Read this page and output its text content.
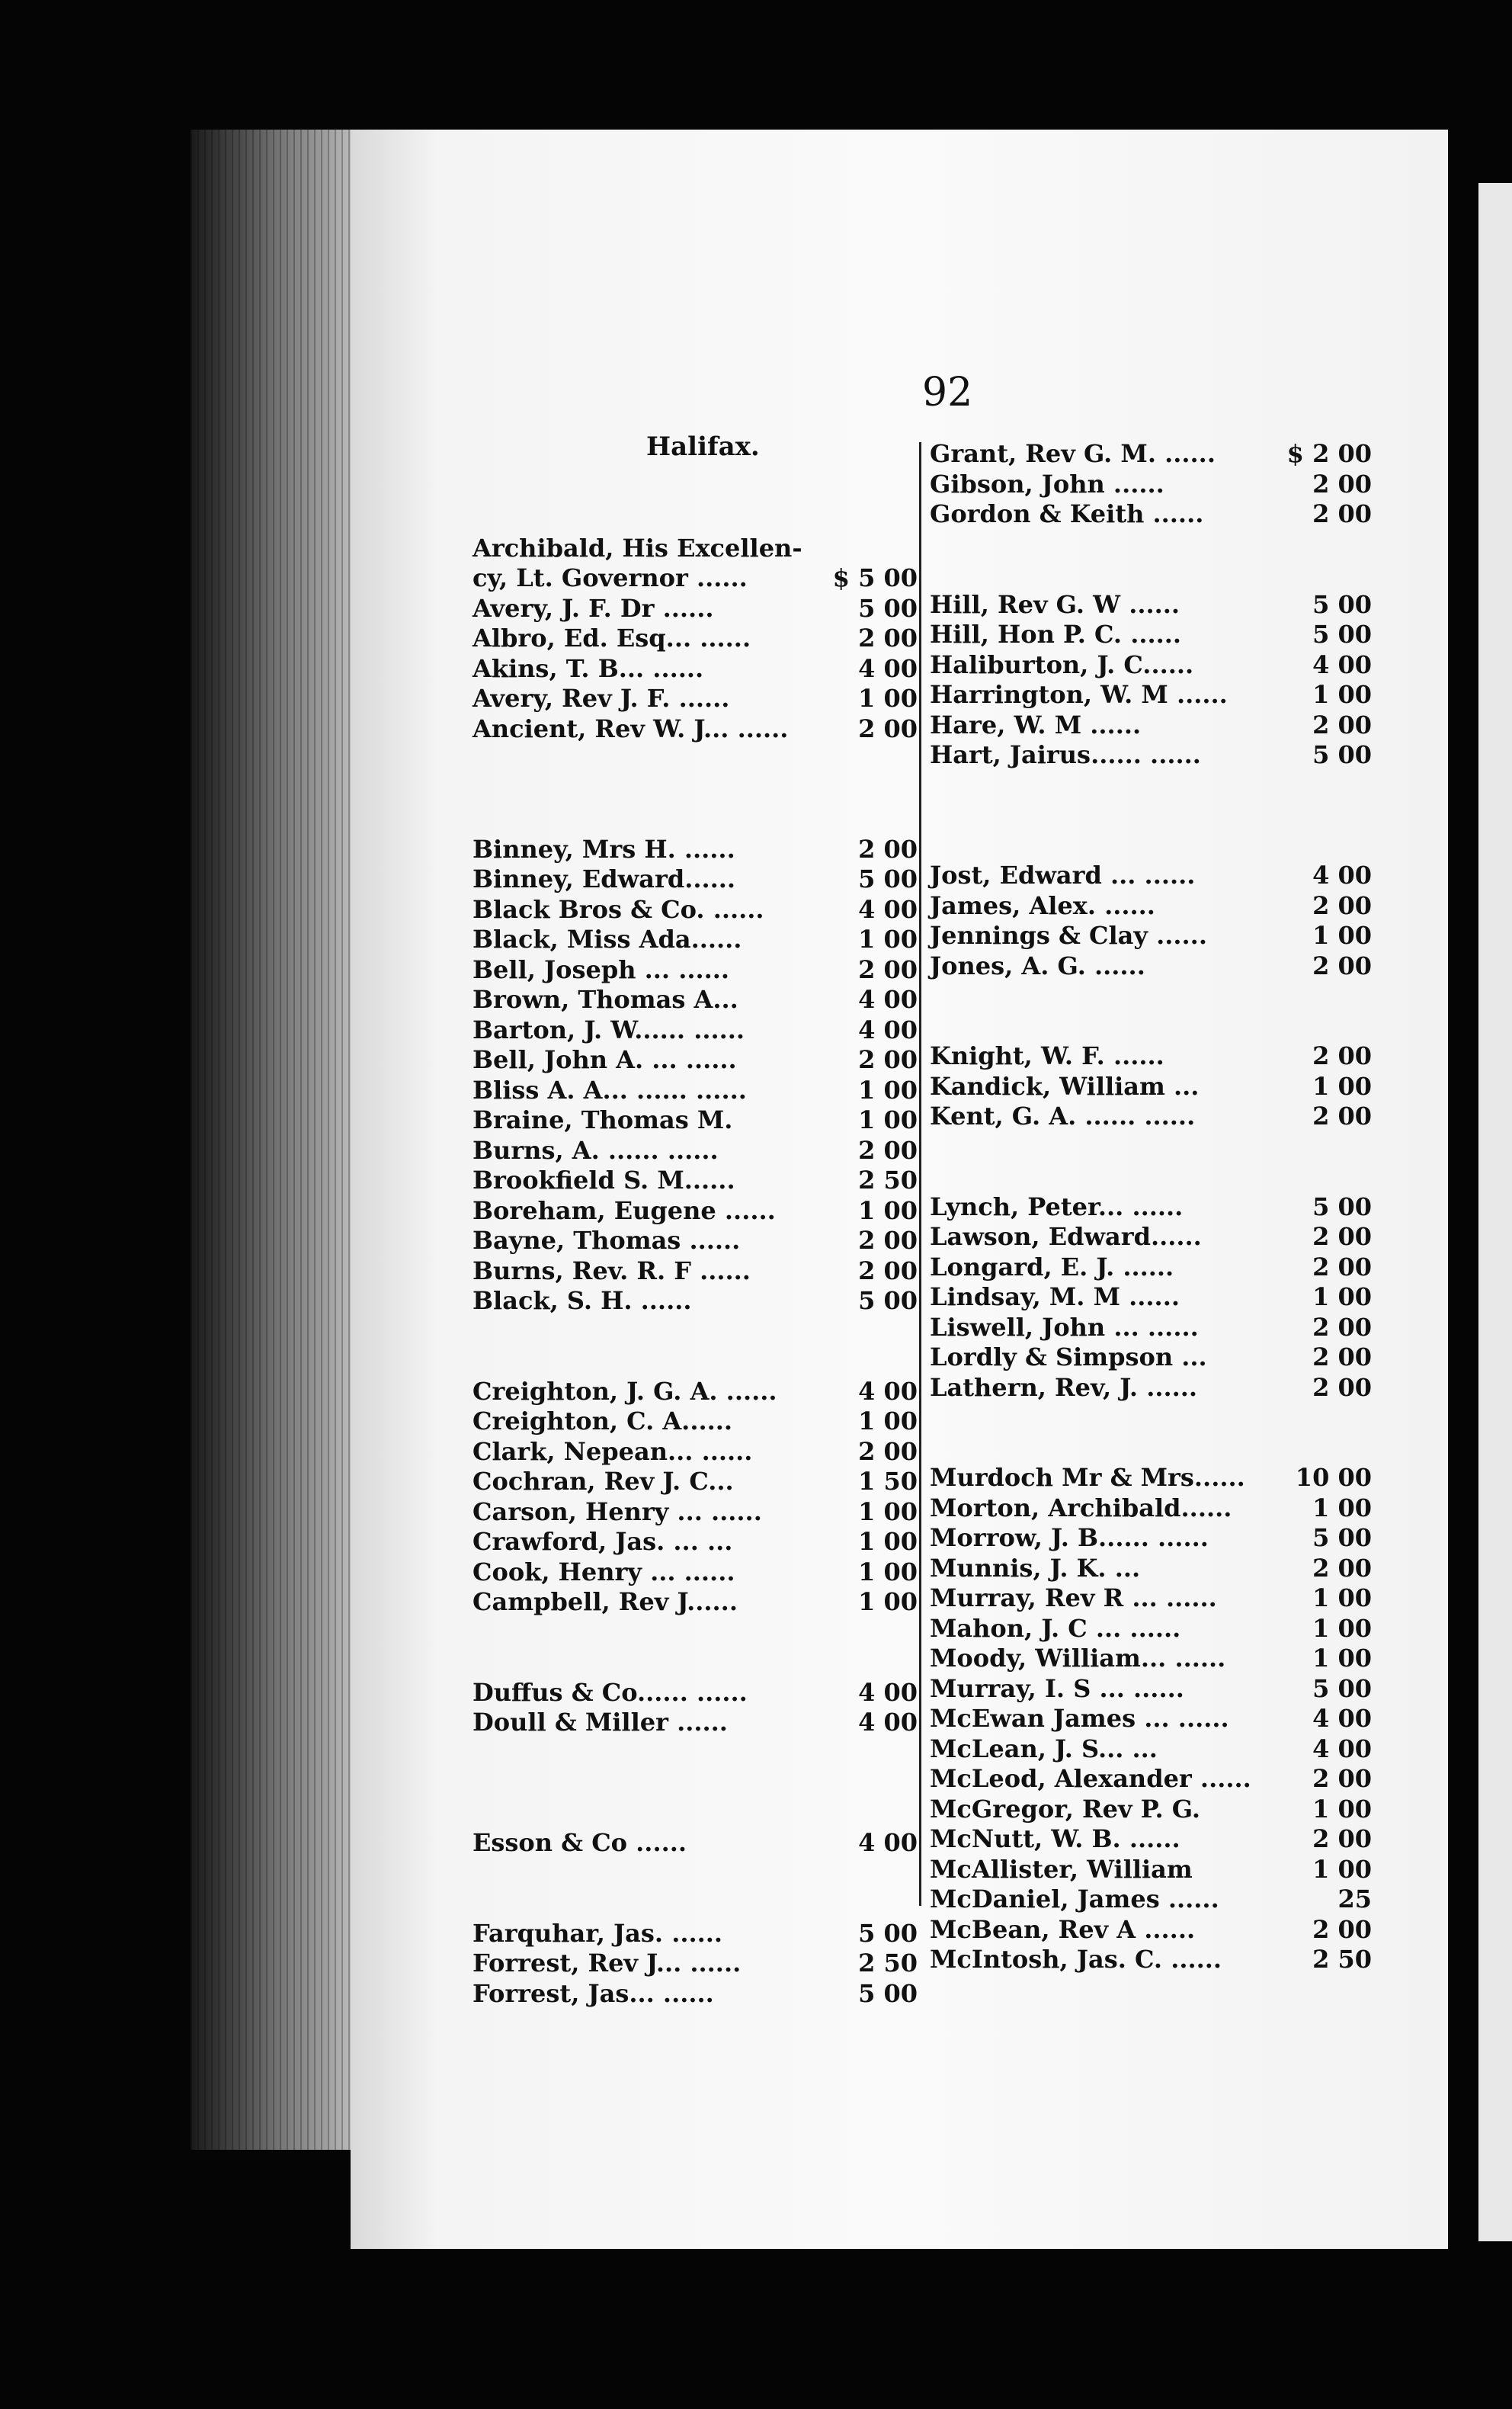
92
Halifax.
Archibald, His Excellen-
cy, Lt. Governor ......	$ 5 00
Avery, J. F. Dr ......	5 00
Albro, Ed. Esq... ......	2 00
Akins, T. B... ......	4 00
Avery, Rev J. F. ......	1 00
Ancient, Rev W. J... ......	2 00
Binney, Mrs H. ......	2 00
Binney, Edward......	5 00
Black Bros & Co. ......	4 00
Black, Miss Ada......	1 00
Bell, Joseph ... ......	2 00
Brown, Thomas A...	4 00
Barton, J. W...... ......	4 00
Bell, John A. ... ......	2 00
Bliss A. A... ...... ......	1 00
Braine, Thomas M.	1 00
Burns, A. ...... ......	2 00
Brookfield S. M......	2 50
Boreham, Eugene ......	1 00
Bayne, Thomas ......	2 00
Burns, Rev. R. F ......	2 00
Black, S. H. ......	5 00
Creighton, J. G. A. ......	4 00
Creighton, C. A......	1 00
Clark, Nepean... ......	2 00
Cochran, Rev J. C...	1 50
Carson, Henry ... ......	1 00
Crawford, Jas. ... ...	1 00
Cook, Henry ... ......	1 00
Campbell, Rev J......	1 00
Duffus & Co...... ......	4 00
Doull & Miller ......	4 00
Esson & Co ......	4 00
Farquhar, Jas. ......	5 00
Forrest, Rev J... ......	2 50
Forrest, Jas... ......	5 00
Grant, Rev G. M. ......	$ 2 00
Gibson, John ......	2 00
Gordon & Keith ......	2 00
Hill, Rev G. W ......	5 00
Hill, Hon P. C. ......	5 00
Haliburton, J. C......	4 00
Harrington, W. M ......	1 00
Hare, W. M ......	2 00
Hart, Jairus...... ......	5 00
Jost, Edward ... ......	4 00
James, Alex. ......	2 00
Jennings & Clay ......	1 00
Jones, A. G. ......	2 00
Knight, W. F. ......	2 00
Kandick, William ...	1 00
Kent, G. A. ...... ......	2 00
Lynch, Peter... ......	5 00
Lawson, Edward......	2 00
Longard, E. J. ......	2 00
Lindsay, M. M ......	1 00
Liswell, John ... ......	2 00
Lordly & Simpson ...	2 00
Lathern, Rev, J. ......	2 00
Murdoch Mr & Mrs...... 10 00
Morton, Archibald......	1 00
Morrow, J. B...... ......	5 00
Munnis, J. K. ...	2 00
Murray, Rev R ... ......	1 00
Mahon, J. C ... ......	1 00
Moody, William... ......	1 00
Murray, I. S ... ......	5 00
McEwan James ... ......	4 00
McLean, J. S... ...	4 00
McLeod, Alexander ......	2 00
McGregor, Rev P. G.	1 00
McNutt, W. B. ......	2 00
McAllister, William	1 00
McDaniel, James ......	25
McBean, Rev A ......	2 00
McIntosh, Jas. C. ......	2 50
